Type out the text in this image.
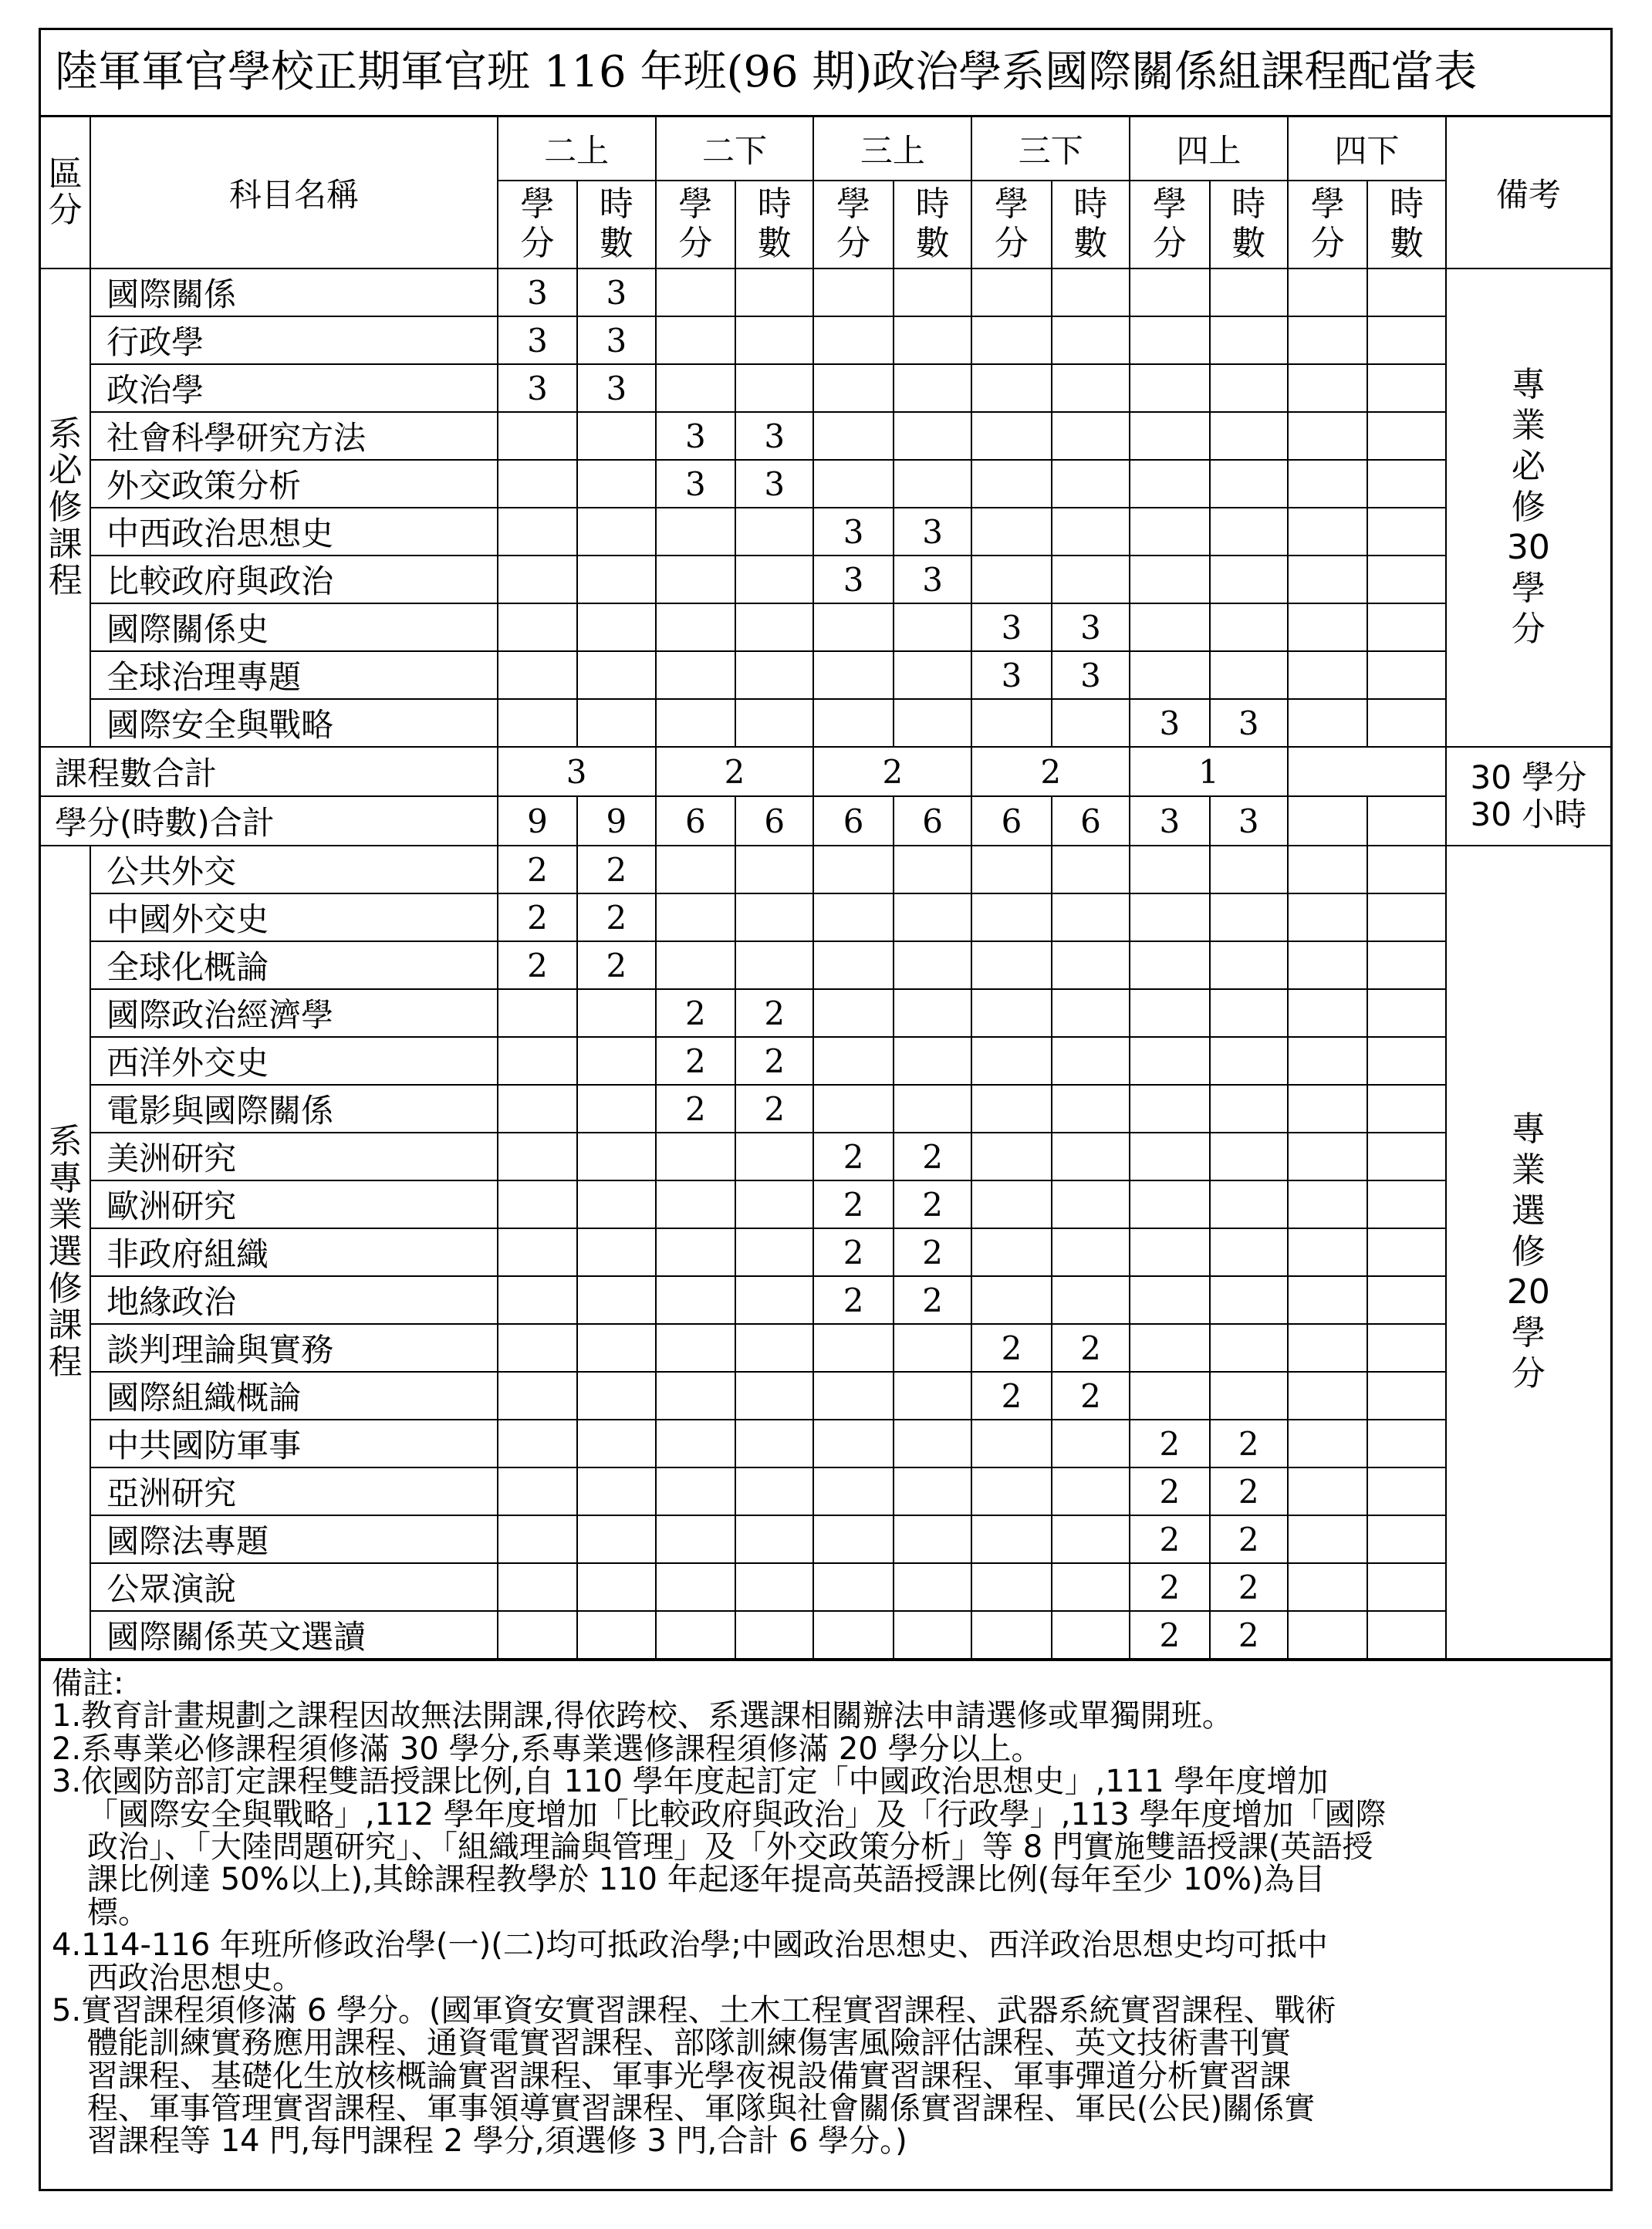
陸軍軍官學校正期軍官班 116 年班(96 期)政治學系國際關係組課程配當表
區分	科目名稱	二上		二下		三上		三下		四上		四下		備考
		學分	時數	學分	時數	學分	時數	學分	時數	學分	時數	學分	時數	
系必修課程	國際關係	3	3											專業必修 30 學分
	行政學	3	3											
	政治學	3	3											
	社會科學研究方法			3	3									
	外交政策分析			3	3									
	中西政治思想史					3	3							
	比較政府與政治					3	3							
	國際關係史							3	3					
	全球治理專題							3	3					
	國際安全與戰略									3	3			
課程數合計		3		2		2		2		1				30 學分
30 小時

學分(時數)合計		9	9	6	6	6	6	6	6	3	3			
系專業選修課程	公共外交	2	2											專業選修 20 學分
	中國外交史	2	2											
	全球化概論	2	2											
	國際政治經濟學			2	2									
	西洋外交史			2	2									
	電影與國際關係			2	2									
	美洲研究					2	2							
	歐洲研究					2	2							
	非政府組織					2	2							
	地緣政治					2	2							
	談判理論與實務							2	2					
	國際組織概論							2	2					
	中共國防軍事									2	2			
	亞洲研究									2	2			
	國際法專題									2	2			
	公眾演說									2	2			
	國際關係英文選讀									2	2			
備註:
1.教育計畫規劃之課程因故無法開課,得依跨校、系選課相關辦法申請選修或單獨開班。
2.系專業必修課程須修滿 30 學分,系專業選修課程須修滿 20 學分以上。
3.依國防部訂定課程雙語授課比例,自 110 學年度起訂定「中國政治思想史」,111 學年度增加
「國際安全與戰略」,112 學年度增加「比較政府與政治」及「行政學」,113 學年度增加「國際
政治」、「大陸問題研究」、「組織理論與管理」及「外交政策分析」等 8 門實施雙語授課(英語授
課比例達 50%以上),其餘課程教學於 110 年起逐年提高英語授課比例(每年至少 10%)為目
標。
4.114-116 年班所修政治學(一)(二)均可抵政治學;中國政治思想史、西洋政治思想史均可抵中
西政治思想史。
5.實習課程須修滿 6 學分。(國軍資安實習課程、土木工程實習課程、武器系統實習課程、戰術
體能訓練實務應用課程、通資電實習課程、部隊訓練傷害風險評估課程、英文技術書刊實
習課程、基礎化生放核概論實習課程、軍事光學夜視設備實習課程、軍事彈道分析實習課
程、軍事管理實習課程、軍事領導實習課程、軍隊與社會關係實習課程、軍民(公民)關係實
習課程等 14 門,每門課程 2 學分,須選修 3 門,合計 6 學分。)
